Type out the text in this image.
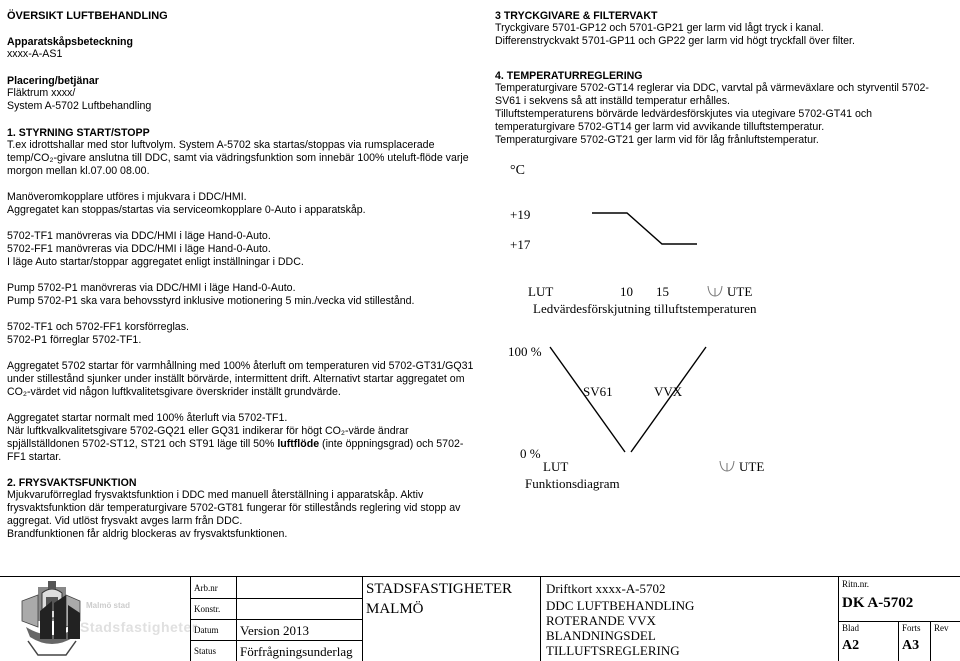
ÖVERSIKT LUFTBEHANDLING
Apparatskåpsbeteckning
xxxx-A-AS1
Placering/betjänar
Fläktrum xxxx/
System A-5702 Luftbehandling
1. STYRNING START/STOPP
T.ex idrottshallar med stor luftvolym. System A-5702 ska startas/stoppas via rumsplacerade temp/CO₂-givare anslutna till DDC, samt via vädringsfunktion som innebär 100% uteluft-flöde varje morgon mellan kl.07.00 08.00.
Manöveromkopplare utföres i mjukvara i DDC/HMI.
Aggregatet kan stoppas/startas via serviceomkopplare 0-Auto i apparatskåp.
5702-TF1 manövreras via DDC/HMI i läge Hand-0-Auto.
5702-FF1 manövreras via DDC/HMI i läge Hand-0-Auto.
I läge Auto startar/stoppar aggregatet enligt inställningar i DDC.
Pump 5702-P1 manövreras via DDC/HMI i läge Hand-0-Auto.
Pump 5702-P1 ska vara behovsstyrd inklusive motionering 5 min./vecka vid stillestånd.
5702-TF1 och 5702-FF1 korsförreglas.
5702-P1 förreglar 5702-TF1.
Aggregatet 5702 startar för varmhållning med 100% återluft om temperaturen vid 5702-GT31/GQ31 under stillestånd sjunker under inställt börvärde, intermittent drift. Alternativt startar aggregatet om CO₂-värdet vid någon luftkvalitetsgivare överskrider inställt grundvärde.
Aggregatet startar normalt med 100% återluft via 5702-TF1.
När luftkvalkvalitetsgivare 5702-GQ21 eller GQ31 indikerar för högt CO₂-värde ändrar spjällställdonen 5702-ST12, ST21 och ST91 läge till 50% luftflöde (inte öppningsgrad) och 5702-FF1 startar.
2. FRYSVAKTSFUNKTION
Mjukvaruförreglad frysvaktsfunktion i DDC med manuell återställning i apparatskåp. Aktiv frysvaktsfunktion där temperaturgivare 5702-GT81 fungerar för stillestånds reglering vid stopp av aggregat. Vid utlöst frysvakt avges larm från DDC.
Brandfunktionen får aldrig blockeras av frysvaktsfunktionen.
3 TRYCKGIVARE & FILTERVAKT
Tryckgivare 5701-GP12 och 5701-GP21 ger larm vid lågt tryck i kanal.
Differenstryckvakt 5701-GP11 och GP22 ger larm vid högt tryckfall över filter.
4. TEMPERATURREGLERING
Temperaturgivare 5702-GT14 reglerar via DDC, varvtal på värmeväxlare och styrventil 5702-SV61 i sekvens så att inställd temperatur erhålles.
Tilluftstemperaturens börvärde ledvärdesförskjutes via utegivare 5702-GT41 och temperaturgivare 5702-GT14 ger larm vid avvikande tilluftstemperatur.
Temperaturgivare 5702-GT21 ger larm vid för låg frånluftstemperatur.
°C
+19
+17
LUT	10 15	UTE
Ledvärdesförskjutning tilluftstemperaturen
100 %
0 %
SV61	VVX
LUT	UTE
Funktionsdiagram
Malmö stad
Stadsfastigheter
Arb.nr
Konstr.
Datum Version 2013
Status Förfrågningsunderlag
STADSFASTIGHETER
MALMÖ
Driftkort xxxx-A-5702
DDC LUFTBEHANDLING
ROTERANDE VVX
BLANDNINGSDEL
TILLUFTSREGLERING
Ritn.nr.
DK A-5702
Blad
A2
Forts
A3
Rev
